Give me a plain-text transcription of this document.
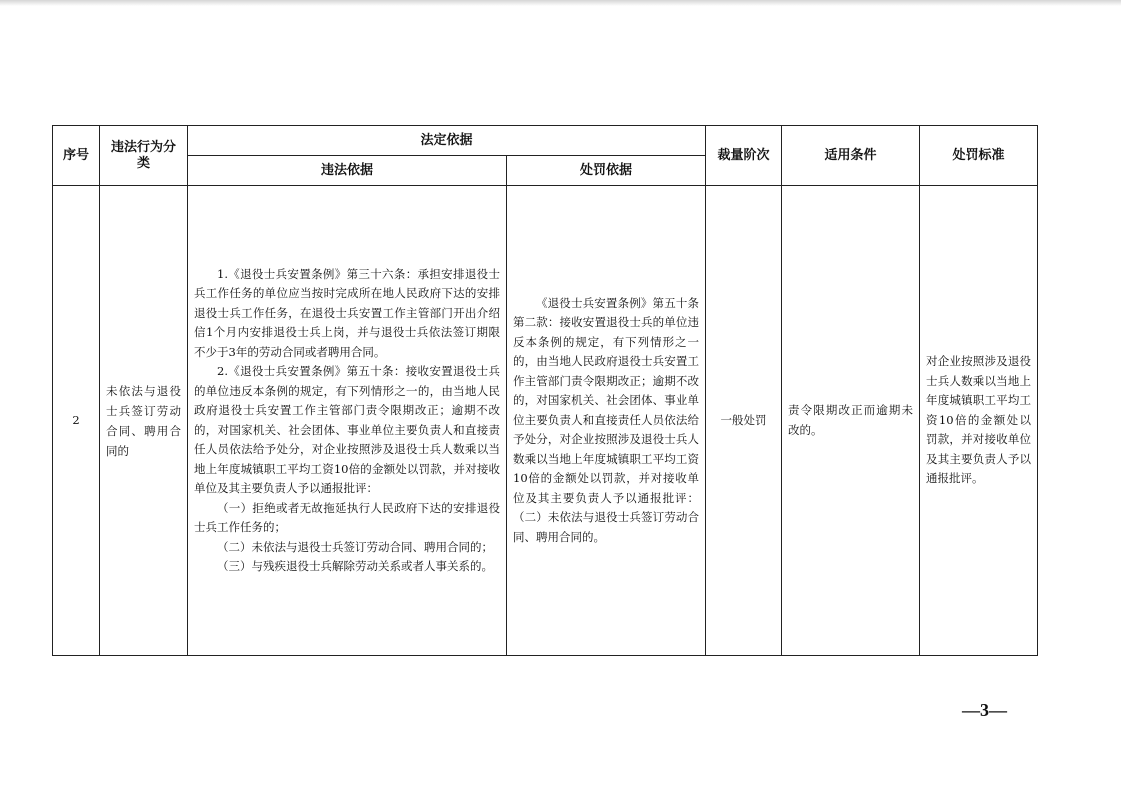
序号	违法行为分类	法定依据		裁量阶次	适用条件	处罚标准
		违法依据	处罚依据			
2	未依法与退役士兵签订劳动合同、聘用合同的	1.《退役士兵安置条例》第三十六条：承担安排退役士兵工作任务的单位应当按时完成所在地人民政府下达的安排退役士兵工作任务，在退役士兵安置工作主管部门开出介绍信1个月内安排退役士兵上岗，并与退役士兵依法签订期限不少于3年的劳动合同或者聘用合同。

2.《退役士兵安置条例》第五十条：接收安置退役士兵的单位违反本条例的规定，有下列情形之一的，由当地人民政府退役士兵安置工作主管部门责令限期改正；逾期不改的，对国家机关、社会团体、事业单位主要负责人和直接责任人员依法给予处分，对企业按照涉及退役士兵人数乘以当地上年度城镇职工平均工资10倍的金额处以罚款，并对接收单位及其主要负责人予以通报批评：

（一）拒绝或者无故拖延执行人民政府下达的安排退役士兵工作任务的；

（二）未依法与退役士兵签订劳动合同、聘用合同的；

（三）与残疾退役士兵解除劳动关系或者人事关系的。	《退役士兵安置条例》第五十条第二款：接收安置退役士兵的单位违反本条例的规定，有下列情形之一的，由当地人民政府退役士兵安置工作主管部门责令限期改正；逾期不改的，对国家机关、社会团体、事业单位主要负责人和直接责任人员依法给予处分，对企业按照涉及退役士兵人数乘以当地上年度城镇职工平均工资10倍的金额处以罚款，并对接收单位及其主要负责人予以通报批评：（二）未依法与退役士兵签订劳动合同、聘用合同的。	一般处罚	责令限期改正而逾期未改的。	对企业按照涉及退役士兵人数乘以当地上年度城镇职工平均工资10倍的金额处以罚款，并对接收单位及其主要负责人予以通报批评。
—3—
